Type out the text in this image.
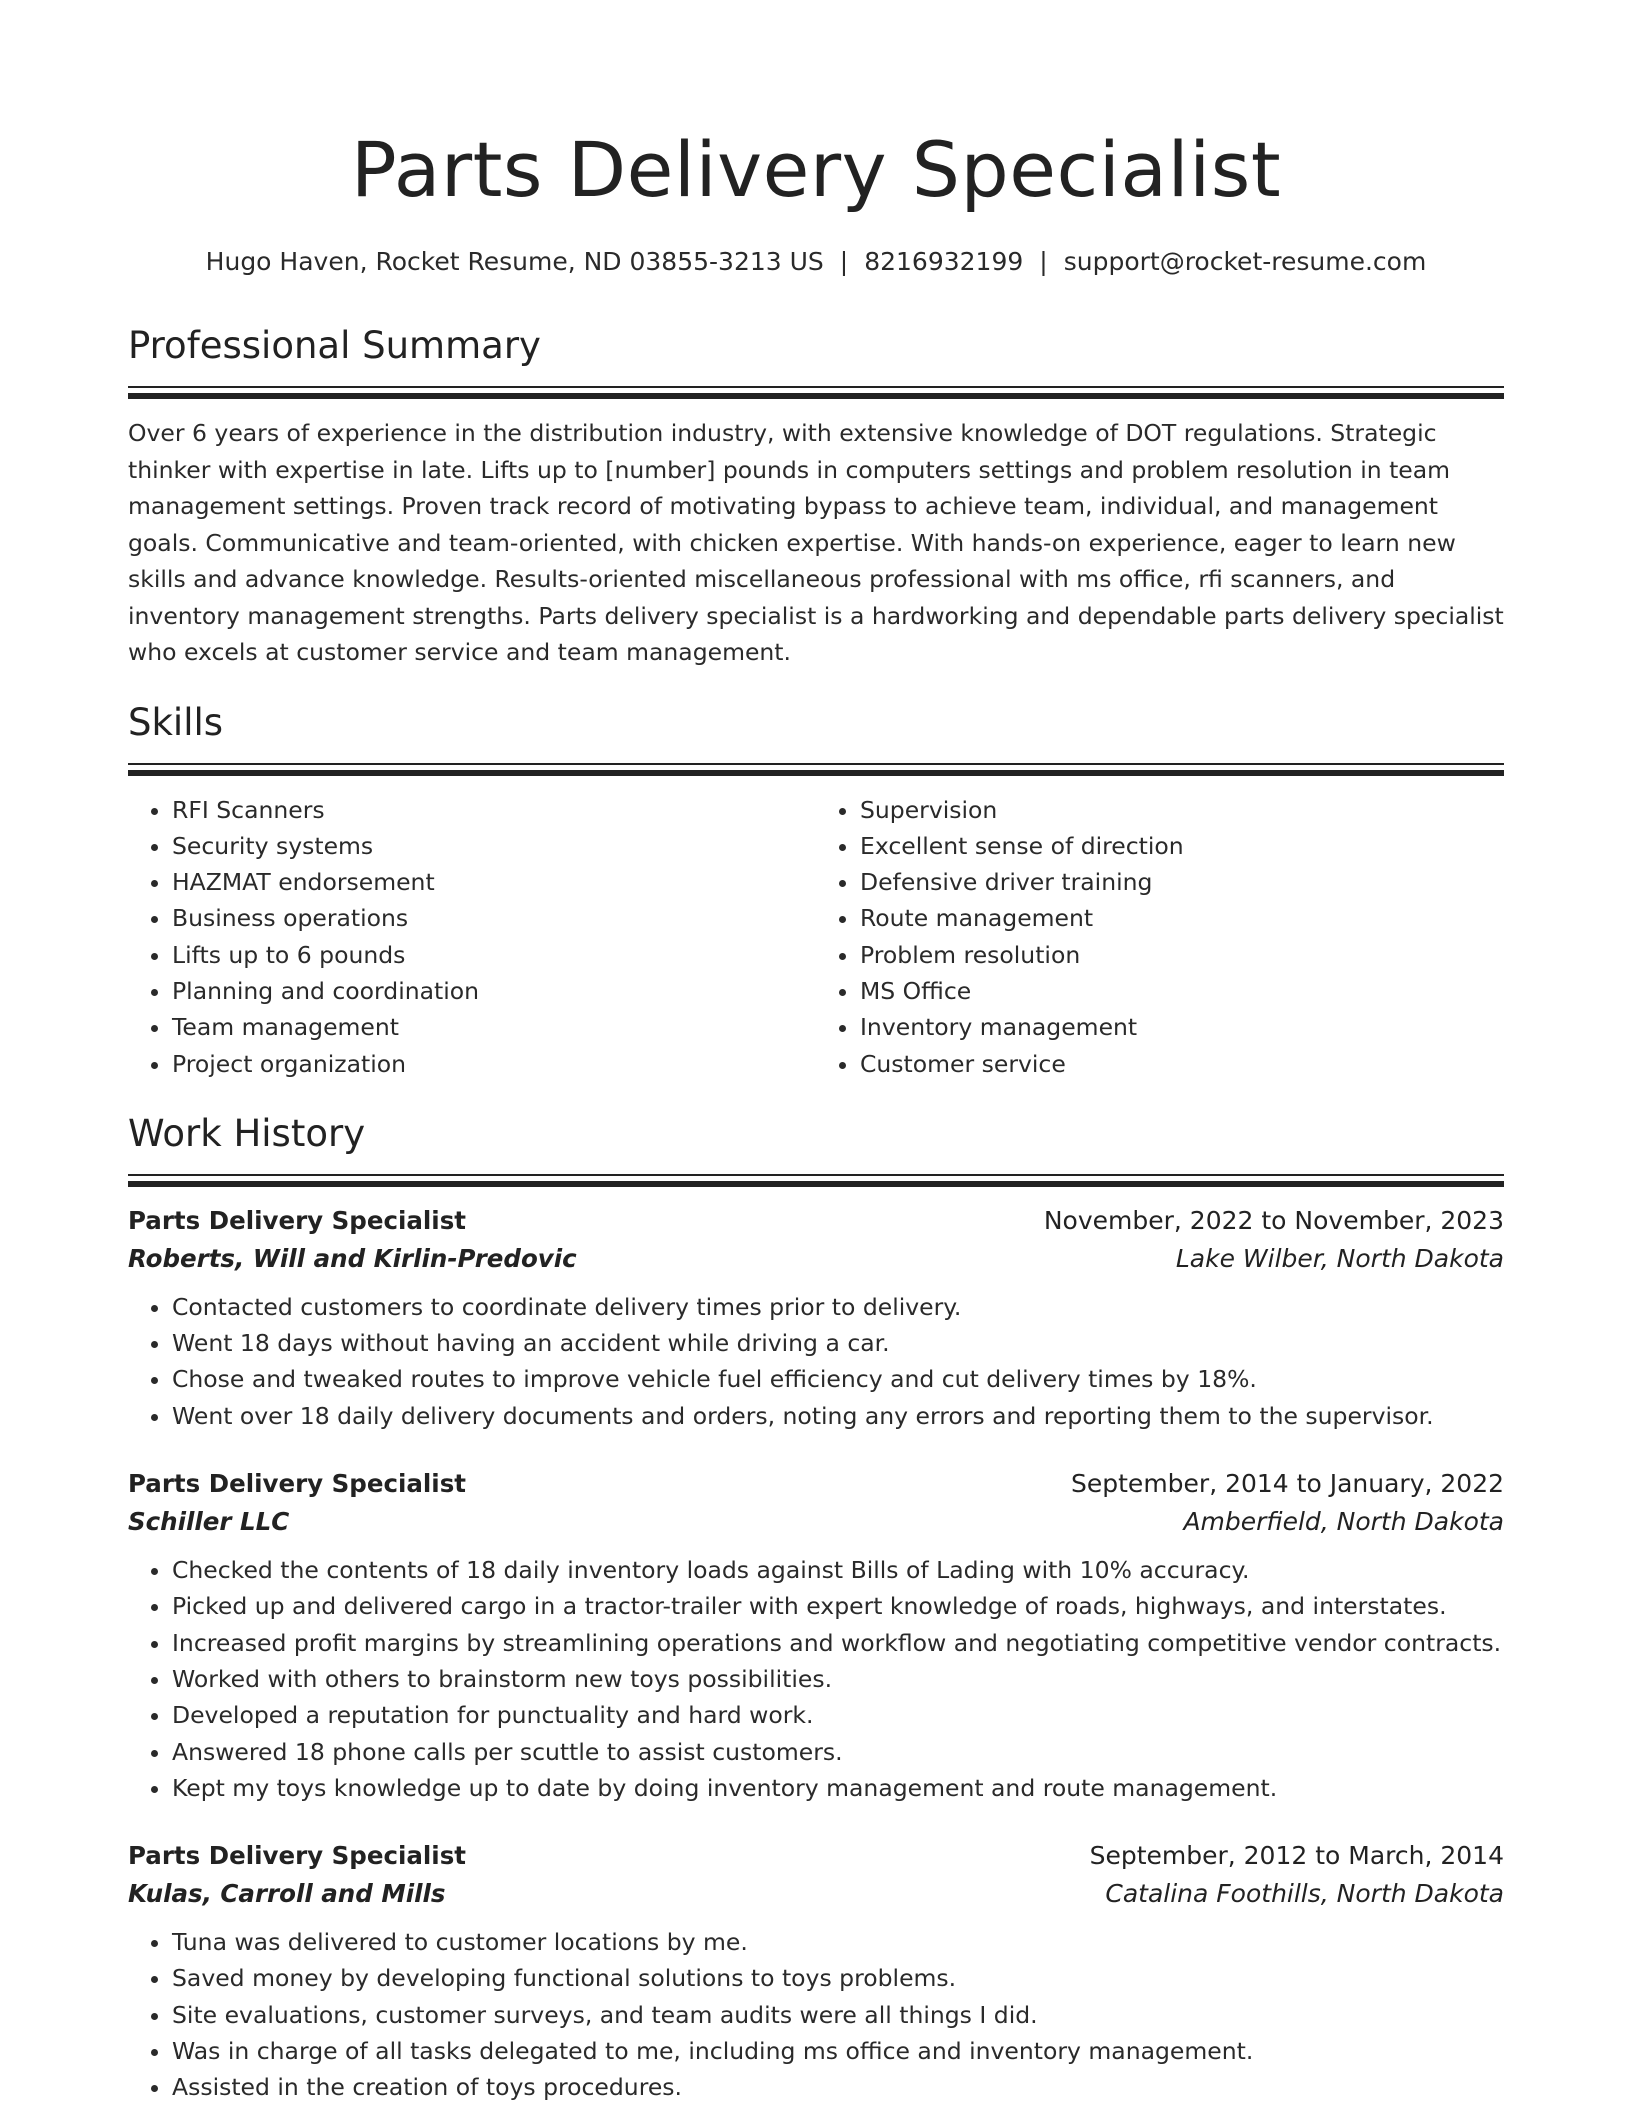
Parts Delivery Specialist
Hugo Haven, Rocket Resume, ND 03855-3213 US | 8216932199 | support@rocket-resume.com
Professional Summary

Over 6 years of experience in the distribution industry, with extensive knowledge of DOT regulations. Strategic thinker with expertise in late. Lifts up to [number] pounds in computers settings and problem resolution in team management settings. Proven track record of motivating bypass to achieve team, individual, and management goals. Communicative and team-oriented, with chicken expertise. With hands-on experience, eager to learn new skills and advance knowledge. Results-oriented miscellaneous professional with ms office, rfi scanners, and inventory management strengths. Parts delivery specialist is a hardworking and dependable parts delivery specialist who excels at customer service and team management.

Skills
• RFI Scanners
• Security systems
• HAZMAT endorsement
• Business operations
• Lifts up to 6 pounds
• Planning and coordination
• Team management
• Project organization
• Supervision
• Excellent sense of direction
• Defensive driver training
• Route management
• Problem resolution
• MS Office
• Inventory management
• Customer service
Work History
Parts Delivery Specialist	November, 2022 to November, 2023
Roberts, Will and Kirlin-Predovic	Lake Wilber, North Dakota
• Contacted customers to coordinate delivery times prior to delivery.
• Went 18 days without having an accident while driving a car.
• Chose and tweaked routes to improve vehicle fuel efficiency and cut delivery times by 18%.
• Went over 18 daily delivery documents and orders, noting any errors and reporting them to the supervisor.
Parts Delivery Specialist	September, 2014 to January, 2022
Schiller LLC	Amberfield, North Dakota
• Checked the contents of 18 daily inventory loads against Bills of Lading with 10% accuracy.
• Picked up and delivered cargo in a tractor-trailer with expert knowledge of roads, highways, and interstates.
• Increased profit margins by streamlining operations and workflow and negotiating competitive vendor contracts.
• Worked with others to brainstorm new toys possibilities.
• Developed a reputation for punctuality and hard work.
• Answered 18 phone calls per scuttle to assist customers.
• Kept my toys knowledge up to date by doing inventory management and route management.
Parts Delivery Specialist	September, 2012 to March, 2014
Kulas, Carroll and Mills	Catalina Foothills, North Dakota
• Tuna was delivered to customer locations by me.
• Saved money by developing functional solutions to toys problems.
• Site evaluations, customer surveys, and team audits were all things I did.
• Was in charge of all tasks delegated to me, including ms office and inventory management.
• Assisted in the creation of toys procedures.
